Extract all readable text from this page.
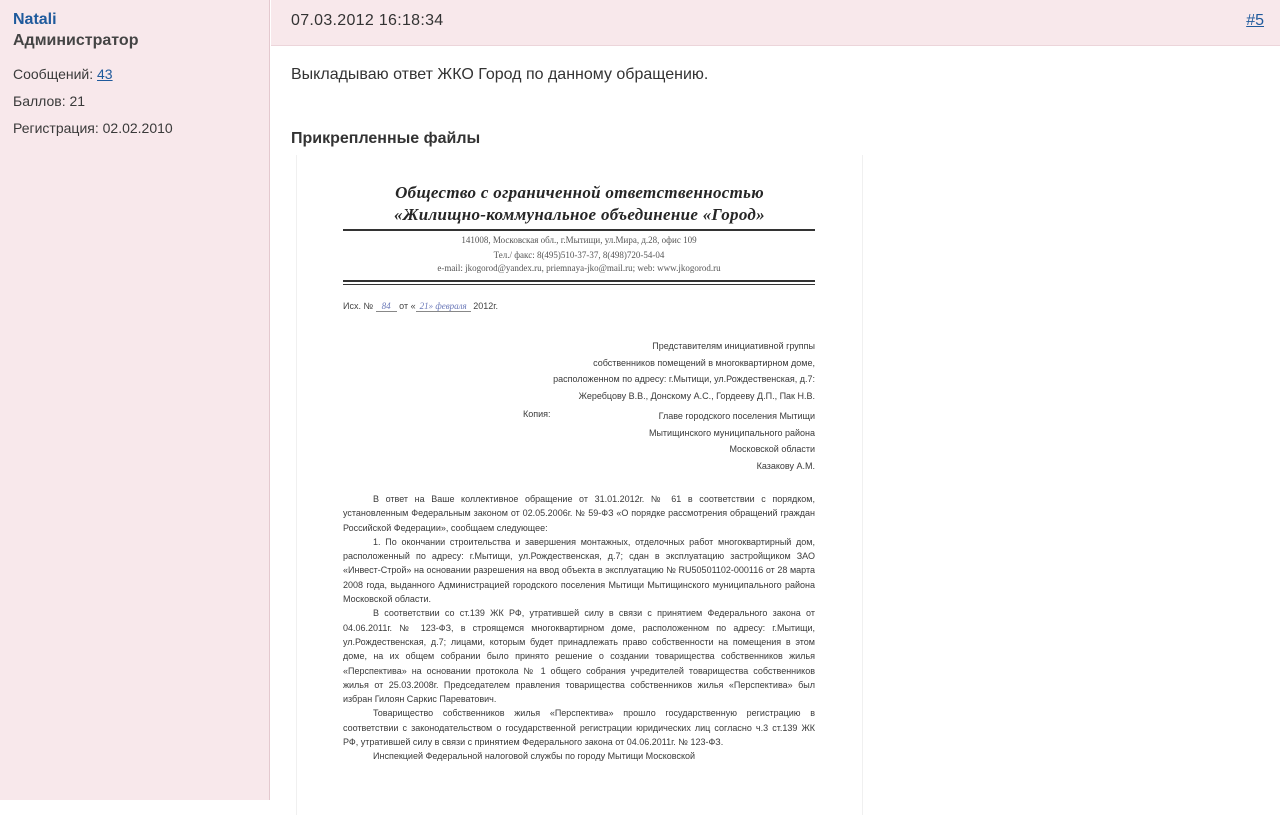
Natali
Администратор
Сообщений: 43
Баллов: 21
Регистрация: 02.02.2010
07.03.2012 16:18:34	#5
Выкладываю ответ ЖКО Город по данному обращению.
Прикрепленные файлы
Общество с ограниченной ответственностью
«Жилищно-коммунальное объединение «Город»
141008, Московская обл., г.Мытищи, ул.Мира, д.28, офис 109
Тел./ факс: 8(495)510-37-37, 8(498)720-54-04
e-mail: jkogorod@yandex.ru, priemnaya-jko@mail.ru; web: www.jkogorod.ru
Исх. № 84 от « 21» февраля 2012г.
Представителям инициативной группы
собственников помещений в многоквартирном доме,
расположенном по адресу: г.Мытищи, ул.Рождественская, д.7:
Жеребцову В.В., Донскому А.С., Гордееву Д.П., Пак Н.В.
Копия:	Главе городского поселения Мытищи
Мытищинского муниципального района
Московской области
Казакову А.М.

В ответ на Ваше коллективное обращение от 31.01.2012г. № 61 в соответствии с порядком, установленным Федеральным законом от 02.05.2006г. № 59-ФЗ «О порядке рассмотрения обращений граждан Российской Федерации», сообщаем следующее:

1. По окончании строительства и завершения монтажных, отделочных работ многоквартирный дом, расположенный по адресу: г.Мытищи, ул.Рождественская, д.7; сдан в эксплуатацию застройщиком ЗАО «Инвест-Строй» на основании разрешения на ввод объекта в эксплуатацию № RU50501102-000116 от 28 марта 2008 года, выданного Администрацией городского поселения Мытищи Мытищинского муниципального района Московской области.

В соответствии со ст.139 ЖК РФ, утратившей силу в связи с принятием Федерального закона от 04.06.2011г. № 123-ФЗ, в строящемся многоквартирном доме, расположенном по адресу: г.Мытищи, ул.Рождественская, д.7; лицами, которым будет принадлежать право собственности на помещения в этом доме, на их общем собрании было принято решение о создании товарищества собственников жилья «Перспектива» на основании протокола № 1 общего собрания учредителей товарищества собственников жилья от 25.03.2008г. Председателем правления товарищества собственников жилья «Перспектива» был избран Гилоян Саркис Пареватович.

Товарищество собственников жилья «Перспектива» прошло государственную регистрацию в соответствии с законодательством о государственной регистрации юридических лиц согласно ч.3 ст.139 ЖК РФ, утратившей силу в связи с принятием Федерального закона от 04.06.2011г. № 123-ФЗ.

Инспекцией Федеральной налоговой службы по городу Мытищи Московской
